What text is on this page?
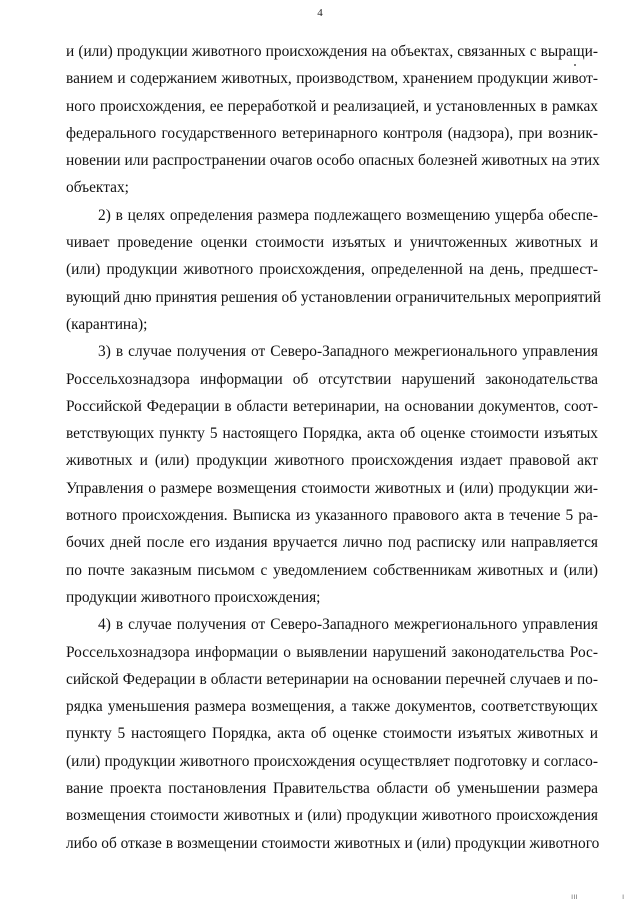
4
и (или) продукции животного происхождения на объектах, связанных с выращи-
ванием и содержанием животных, производством, хранением продукции живот-
ного происхождения, ее переработкой и реализацией, и установленных в рамках
федерального государственного ветеринарного контроля (надзора), при возник-
новении или распространении очагов особо опасных болезней животных на этих
объектах;
2) в целях определения размера подлежащего возмещению ущерба обеспе-
чивает проведение оценки стоимости изъятых и уничтоженных животных и
(или) продукции животного происхождения, определенной на день, предшест-
вующий дню принятия решения об установлении ограничительных мероприятий
(карантина);
3) в случае получения от Северо-Западного межрегионального управления
Россельхознадзора информации об отсутствии нарушений законодательства
Российской Федерации в области ветеринарии, на основании документов, соот-
ветствующих пункту 5 настоящего Порядка, акта об оценке стоимости изъятых
животных и (или) продукции животного происхождения издает правовой акт
Управления о размере возмещения стоимости животных и (или) продукции жи-
вотного происхождения. Выписка из указанного правового акта в течение 5 ра-
бочих дней после его издания вручается лично под расписку или направляется
по почте заказным письмом с уведомлением собственникам животных и (или)
продукции животного происхождения;
4) в случае получения от Северо-Западного межрегионального управления
Россельхознадзора информации о выявлении нарушений законодательства Рос-
сийской Федерации в области ветеринарии на основании перечней случаев и по-
рядка уменьшения размера возмещения, а также документов, соответствующих
пункту 5 настоящего Порядка, акта об оценке стоимости изъятых животных и
(или) продукции животного происхождения осуществляет подготовку и согласо-
вание проекта постановления Правительства области об уменьшении размера
возмещения стоимости животных и (или) продукции животного происхождения
либо об отказе в возмещении стоимости животных и (или) продукции животного
ııı	ı
